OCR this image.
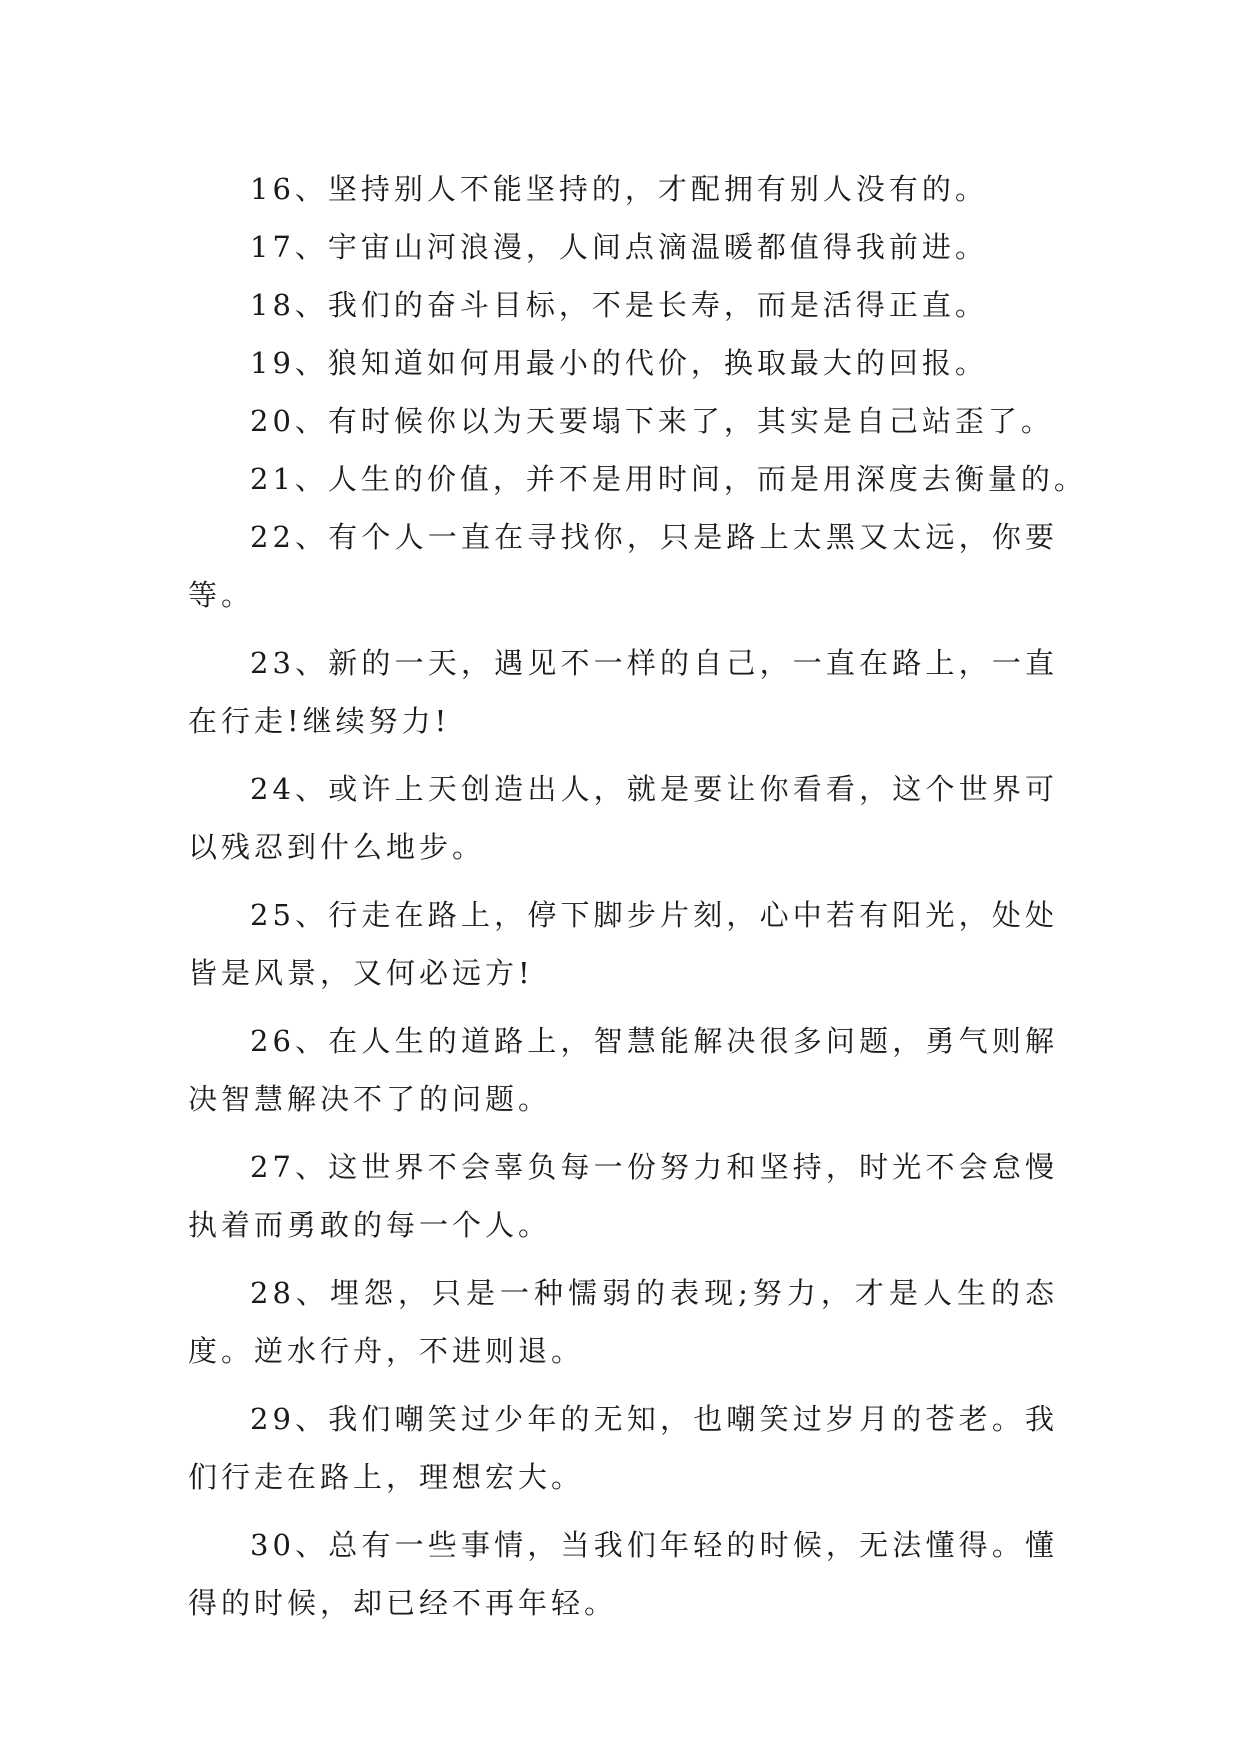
16、坚持别人不能坚持的，才配拥有别人没有的。

17、宇宙山河浪漫，人间点滴温暖都值得我前进。

18、我们的奋斗目标，不是长寿，而是活得正直。

19、狼知道如何用最小的代价，换取最大的回报。

20、有时候你以为天要塌下来了，其实是自己站歪了。

21、人生的价值，并不是用时间，而是用深度去衡量的。

22、有个人一直在寻找你，只是路上太黑又太远，你要等。

23、新的一天，遇见不一样的自己，一直在路上，一直在行走!继续努力!

24、或许上天创造出人，就是要让你看看，这个世界可以残忍到什么地步。

25、行走在路上，停下脚步片刻，心中若有阳光，处处皆是风景，又何必远方!

26、在人生的道路上，智慧能解决很多问题，勇气则解决智慧解决不了的问题。

27、这世界不会辜负每一份努力和坚持，时光不会怠慢执着而勇敢的每一个人。

28、埋怨，只是一种懦弱的表现;努力，才是人生的态度。逆水行舟，不进则退。

29、我们嘲笑过少年的无知，也嘲笑过岁月的苍老。我们行走在路上，理想宏大。

30、总有一些事情，当我们年轻的时候，无法懂得。懂得的时候，却已经不再年轻。
